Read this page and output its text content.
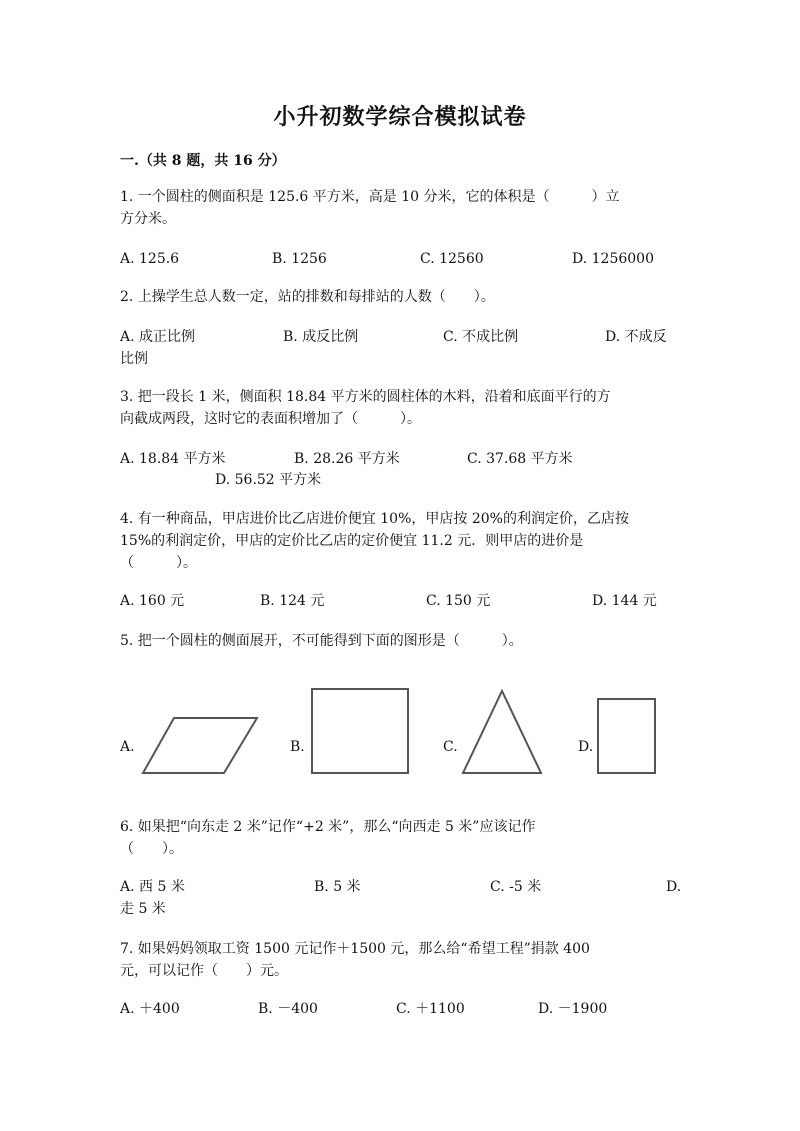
小升初数学综合模拟试卷
一.（共 8 题，共 16 分）
1. 一个圆柱的侧面积是 125.6 平方米，高是 10 分米，它的体积是（　　　）立
方分米。
A. 125.6	B. 1256	C. 12560	D. 1256000
2. 上操学生总人数一定，站的排数和每排站的人数（　　）。
A. 成正比例	B. 成反比例	C. 不成比例	D. 不成反
比例
3. 把一段长 1 米，侧面积 18.84 平方米的圆柱体的木料，沿着和底面平行的方
向截成两段，这时它的表面积增加了（　　　）。
A. 18.84 平方米	B. 28.26 平方米	C. 37.68 平方米
D. 56.52 平方米
4. 有一种商品，甲店进价比乙店进价便宜 10%，甲店按 20%的利润定价，乙店按
15%的利润定价，甲店的定价比乙店的定价便宜 11.2 元．则甲店的进价是
（　　　）。
A. 160 元	B. 124 元	C. 150 元	D. 144 元
5. 把一个圆柱的侧面展开，不可能得到下面的图形是（　　　）。
A.	B.	C.	D.
6. 如果把“向东走 2 米”记作“+2 米”，那么“向西走 5 米”应该记作
（　　）。
A. 西 5 米	B. 5 米	C. -5 米	D.
走 5 米
7. 如果妈妈领取工资 1500 元记作＋1500 元，那么给“希望工程”捐款 400
元，可以记作（　　）元。
A. ＋400	B. －400	C. ＋1100	D. －1900
